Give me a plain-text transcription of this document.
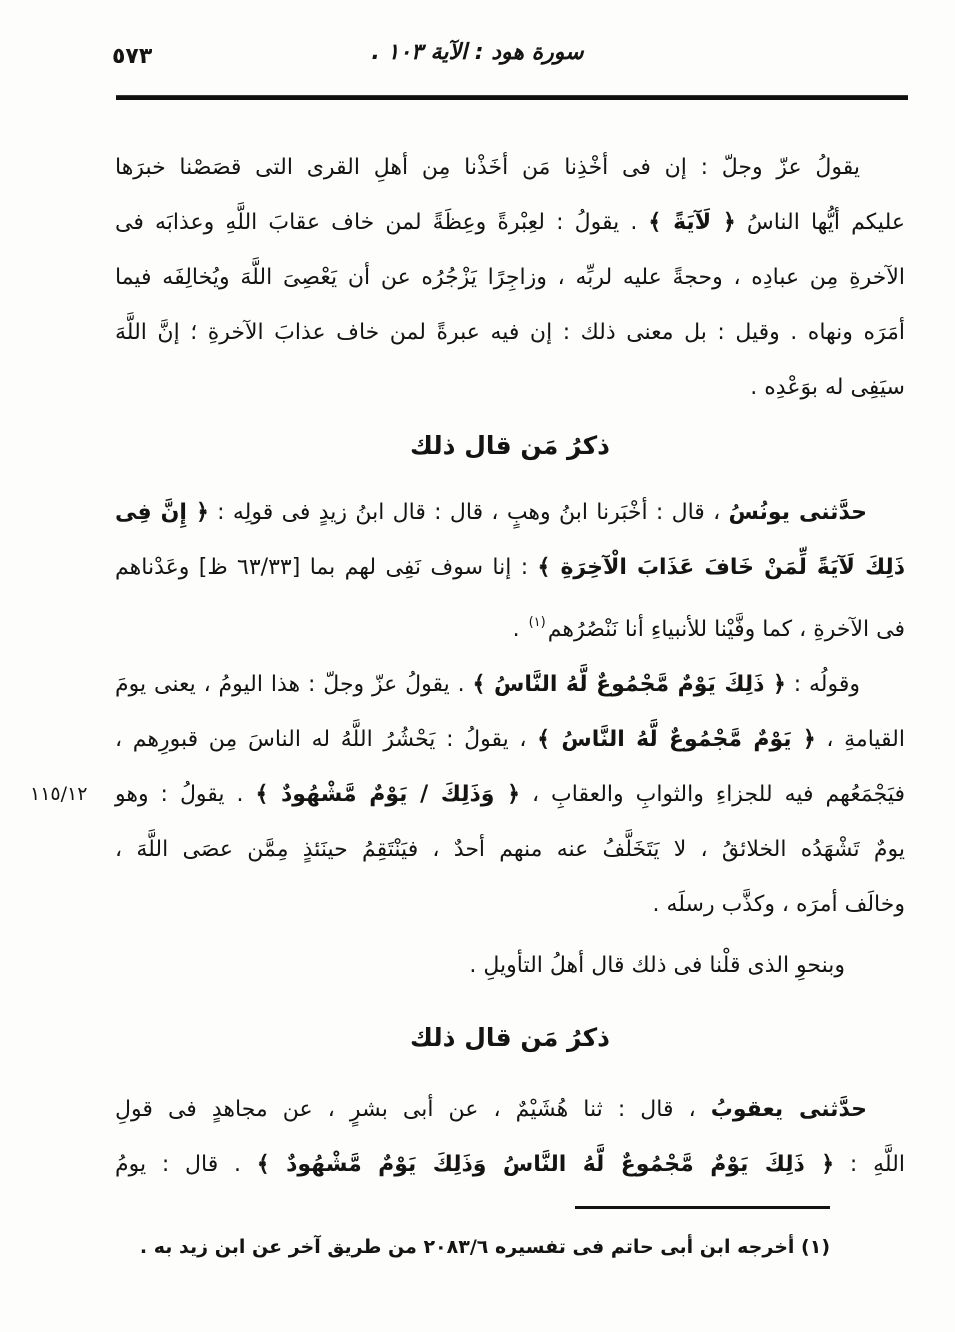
٥٧٣	سورة هود : الآية ١٠٣ .
يقولُ عزّ وجلّ : إن فى أخْذِنا مَن أخَذْنا مِن أهلِ القرى التى قصَصْنا خبرَها
عليكم أيُّها الناسُ ﴿ لَآيَةً ﴾ . يقولُ : لعِبْرةً وعِظَةً لمن خاف عقابَ اللَّهِ وعذابَه فى
الآخرةِ مِن عبادِه ، وحجةً عليه لربِّه ، وزاجِرًا يَزْجُرُه عن أن يَعْصِىَ اللَّهَ ويُخالِفَه فيما
أمَرَه ونهاه . وقيل : بل معنى ذلك : إن فيه عبرةً لمن خاف عذابَ الآخرةِ ؛ إنَّ اللَّهَ
سيَفِى له بوَعْدِه .
ذكرُ مَن قال ذلك
حدَّثنى يونُسُ ، قال : أخْبَرنا ابنُ وهبٍ ، قال : قال ابنُ زيدٍ فى قولِه : ﴿ إِنَّ فِى
ذَلِكَ لَآيَةً لِّمَنْ خَافَ عَذَابَ الْآخِرَةِ ﴾ : إنا سوف نَفِى لهم بما [٦٣/٣٣ ظ] وعَدْناهم
فى الآخرةِ ، كما وفَّيْنا للأنبياءِ أنا نَنْصُرُهم$^{(١)}$ .
وقولُه : ﴿ ذَلِكَ يَوْمٌ مَّجْمُوعٌ لَّهُ النَّاسُ ﴾ . يقولُ عزّ وجلّ : هذا اليومُ ، يعنى يومَ
القيامةِ ، ﴿ يَوْمٌ مَّجْمُوعٌ لَّهُ النَّاسُ ﴾ ، يقولُ : يَحْشُرُ اللَّهُ له الناسَ مِن قبورِهم ،
فيَجْمَعُهم فيه للجزاءِ والثوابِ والعقابِ ، ﴿ وَذَلِكَ / يَوْمٌ مَّشْهُودٌ ﴾ . يقولُ : وهو
يومٌ تَشْهَدُه الخلائقُ ، لا يَتَخَلَّفُ عنه منهم أحدٌ ، فيَنْتَقِمُ حينَئذٍ مِمَّن عصَى اللَّهَ ،
وخالَف أمرَه ، وكذَّب رسلَه .
١١٥/١٢
وبنحوِ الذى قلْنا فى ذلك قال أهلُ التأويلِ .
ذكرُ مَن قال ذلك
حدَّثنى يعقوبُ ، قال : ثنا هُشَيْمٌ ، عن أبى بشرٍ ، عن مجاهدٍ فى قولِ
اللَّهِ : ﴿ ذَلِكَ يَوْمٌ مَّجْمُوعٌ لَّهُ النَّاسُ وَذَلِكَ يَوْمٌ مَّشْهُودٌ ﴾ . قال : يومُ
(١) أخرجه ابن أبى حاتم فى تفسيره ٢٠٨٣/٦ من طريق آخر عن ابن زيد به .
